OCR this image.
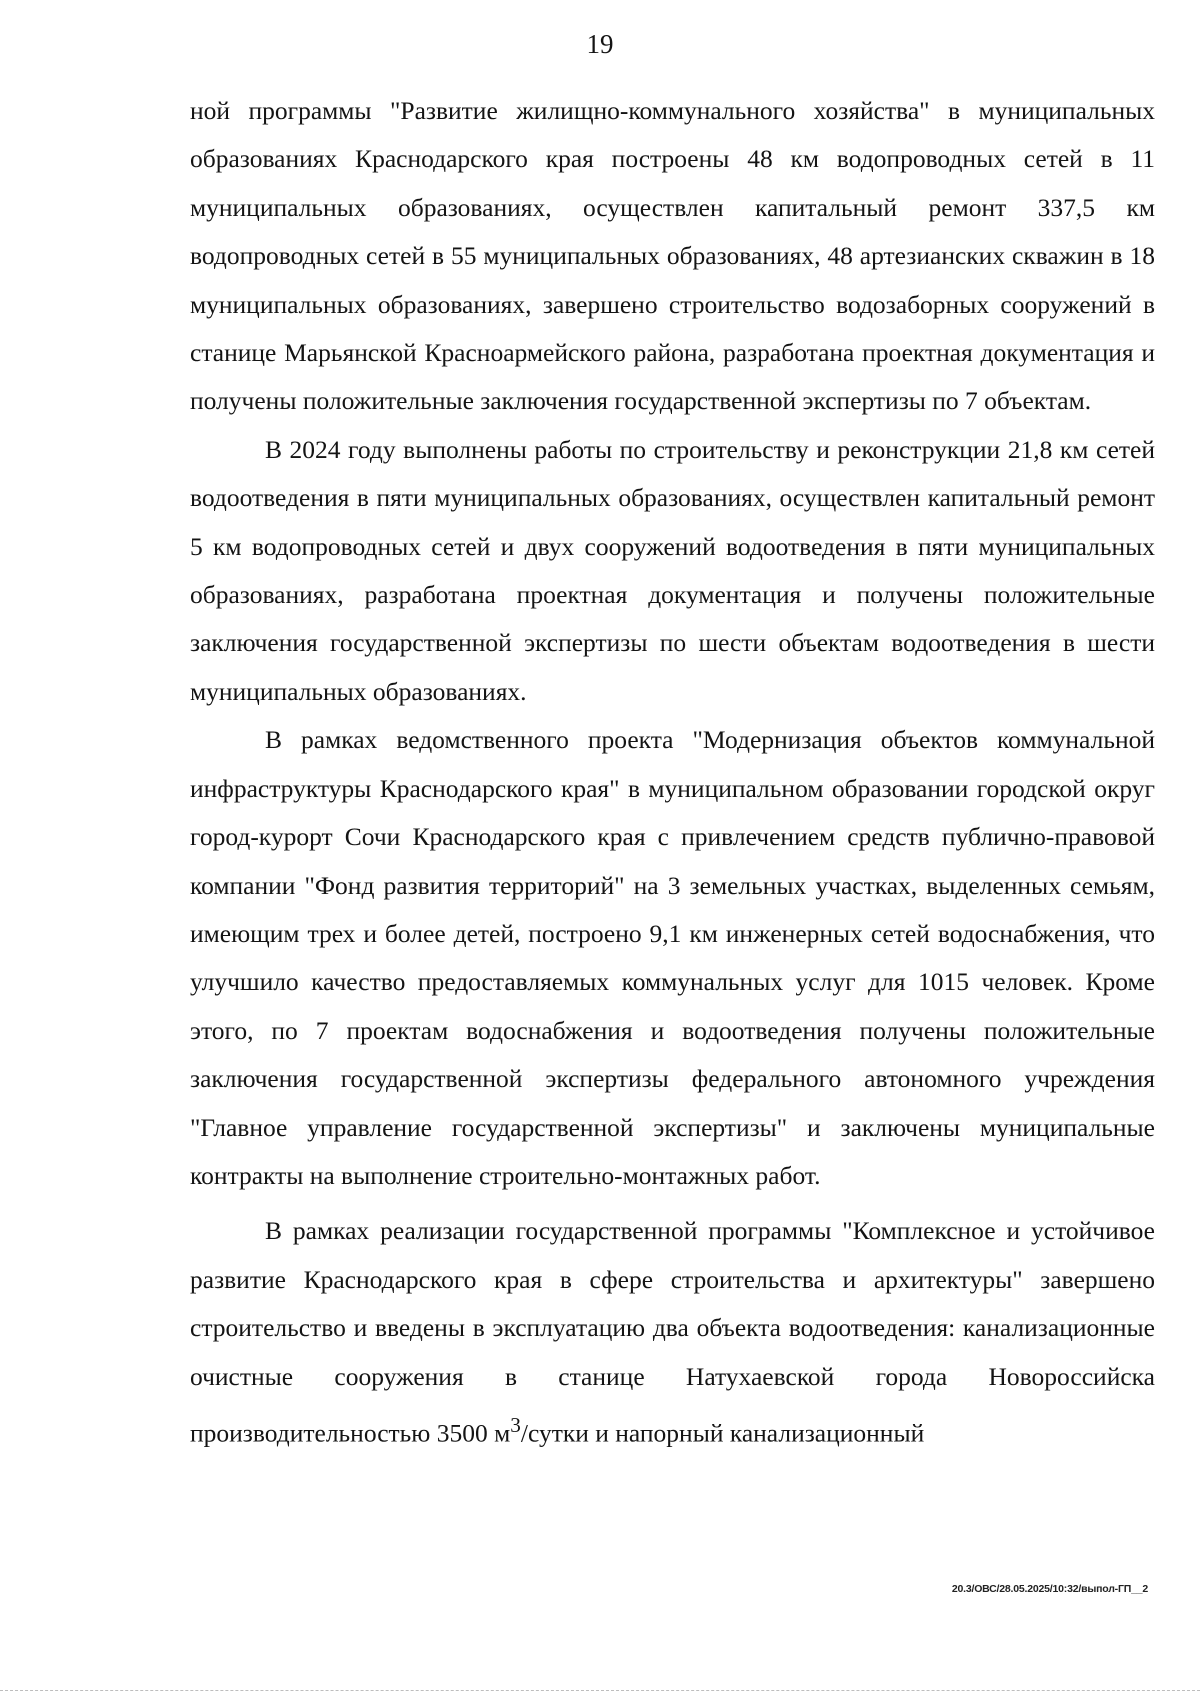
19

ной программы "Развитие жилищно-коммунального хозяйства" в муниципальных образованиях Краснодарского края построены 48 км водопроводных сетей в 11 муниципальных образованиях, осуществлен капитальный ремонт 337,5 км водопроводных сетей в 55 муниципальных образованиях, 48 артезианских скважин в 18 муниципальных образованиях, завершено строительство водозаборных сооружений в станице Марьянской Красноармейского района, разработана проектная документация и получены положительные заключения государственной экспертизы по 7 объектам.

В 2024 году выполнены работы по строительству и реконструкции 21,8 км сетей водоотведения в пяти муниципальных образованиях, осуществлен капитальный ремонт 5 км водопроводных сетей и двух сооружений водоотведения в пяти муниципальных образованиях, разработана проектная документация и получены положительные заключения государственной экспертизы по шести объектам водоотведения в шести муниципальных образованиях.

В рамках ведомственного проекта "Модернизация объектов коммунальной инфраструктуры Краснодарского края" в муниципальном образовании городской округ город-курорт Сочи Краснодарского края с привлечением средств публично-правовой компании "Фонд развития территорий" на 3 земельных участках, выделенных семьям, имеющим трех и более детей, построено 9,1 км инженерных сетей водоснабжения, что улучшило качество предоставляемых коммунальных услуг для 1015 человек. Кроме этого, по 7 проектам водоснабжения и водоотведения получены положительные заключения государственной экспертизы федерального автономного учреждения "Главное управление государственной экспертизы" и заключены муниципальные контракты на выполнение строительно-монтажных работ.

В рамках реализации государственной программы "Комплексное и устойчивое развитие Краснодарского края в сфере строительства и архитектуры" завершено строительство и введены в эксплуатацию два объекта водоотведения: канализационные очистные сооружения в станице Натухаевской города Новороссийска производительностью 3500 $м^3$/сутки и напорный канализационный

20.3/ОВС/28.05.2025/10:32/выпол-ГП__2
